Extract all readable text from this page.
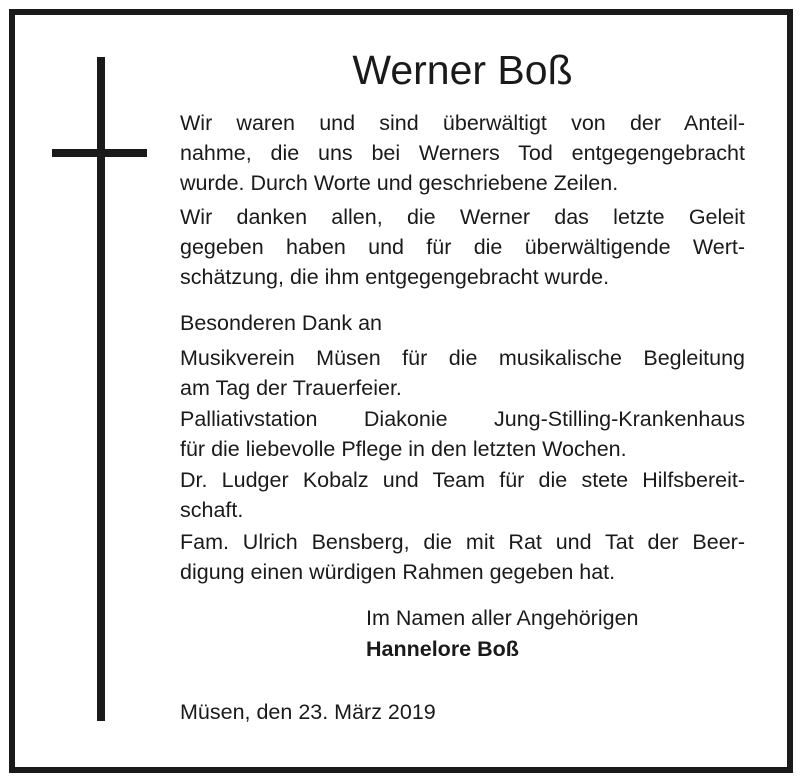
Werner Boß
Wir waren und sind überwältigt von der Anteil-
nahme, die uns bei Werners Tod entgegengebracht
wurde. Durch Worte und geschriebene Zeilen.
Wir danken allen, die Werner das letzte Geleit
gegeben haben und für die überwältigende Wert-
schätzung, die ihm entgegengebracht wurde.
Besonderen Dank an
Musikverein Müsen für die musikalische Begleitung
am Tag der Trauerfeier.
Palliativstation Diakonie Jung-Stilling-Krankenhaus
für die liebevolle Pflege in den letzten Wochen.
Dr. Ludger Kobalz und Team für die stete Hilfsbereit-
schaft.
Fam. Ulrich Bensberg, die mit Rat und Tat der Beer-
digung einen würdigen Rahmen gegeben hat.

Im Namen aller Angehörigen

Hannelore Boß

Müsen, den 23. März 2019
